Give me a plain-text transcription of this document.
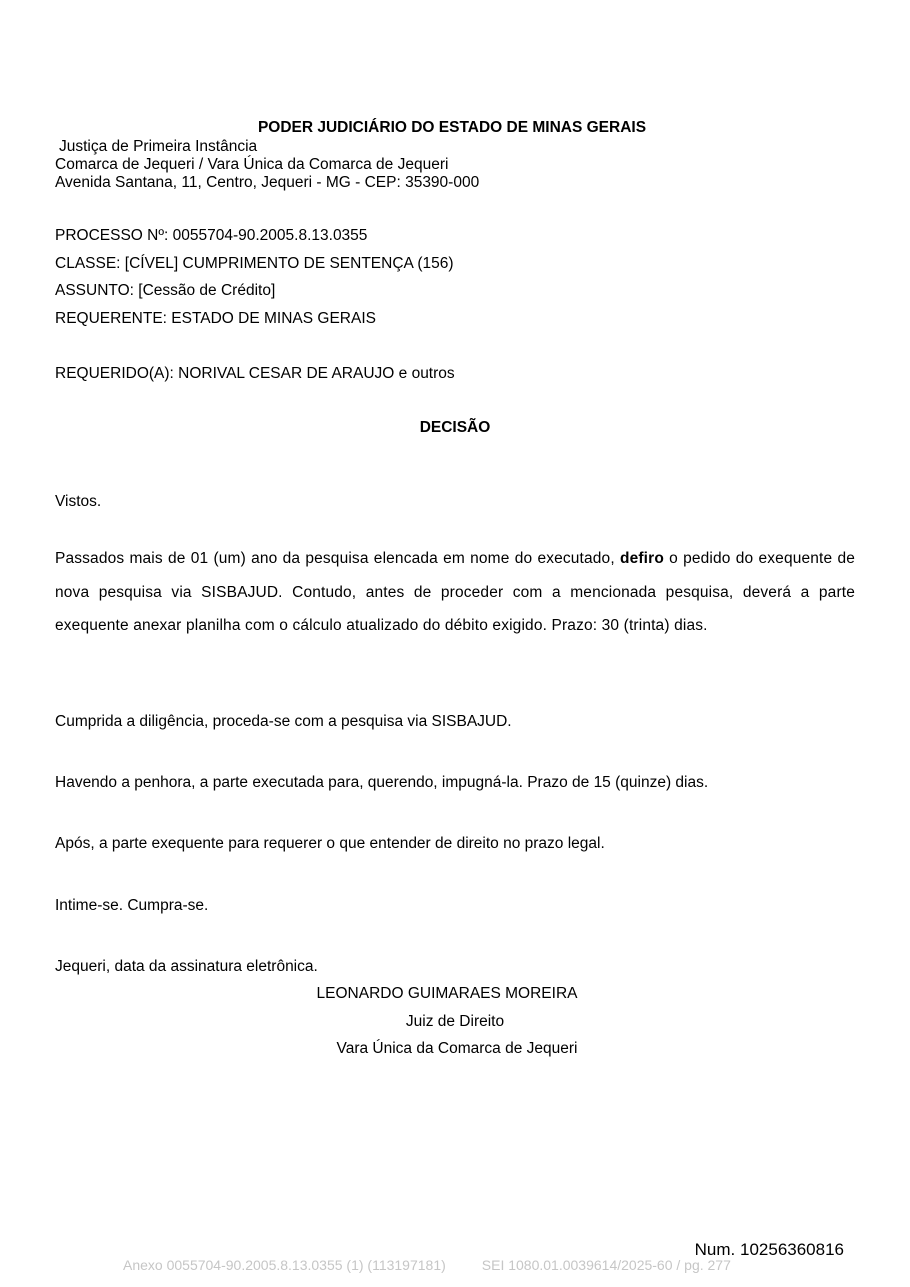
PODER JUDICIÁRIO DO ESTADO DE MINAS GERAIS
Justiça de Primeira Instância
Comarca de Jequeri / Vara Única da Comarca de Jequeri
Avenida Santana, 11, Centro, Jequeri - MG - CEP: 35390-000
PROCESSO Nº: 0055704-90.2005.8.13.0355
CLASSE: [CÍVEL] CUMPRIMENTO DE SENTENÇA (156)
ASSUNTO: [Cessão de Crédito]
REQUERENTE: ESTADO DE MINAS GERAIS
REQUERIDO(A): NORIVAL CESAR DE ARAUJO e outros
DECISÃO
Vistos.
Passados mais de 01 (um) ano da pesquisa elencada em nome do executado, defiro o pedido do exequente de nova pesquisa via SISBAJUD. Contudo, antes de proceder com a mencionada pesquisa, deverá a parte exequente anexar planilha com o cálculo atualizado do débito exigido. Prazo: 30 (trinta) dias.
Cumprida a diligência, proceda-se com a pesquisa via SISBAJUD.
Havendo a penhora, a parte executada para, querendo, impugná-la. Prazo de 15 (quinze) dias.
Após, a parte exequente para requerer o que entender de direito no prazo legal.
Intime-se. Cumpra-se.
Jequeri, data da assinatura eletrônica.
LEONARDO GUIMARAES MOREIRA
Juiz de Direito
Vara Única da Comarca de Jequeri
Num. 10256360816
Anexo 0055704-90.2005.8.13.0355 (1) (113197181)	SEI 1080.01.0039614/2025-60 / pg. 277
